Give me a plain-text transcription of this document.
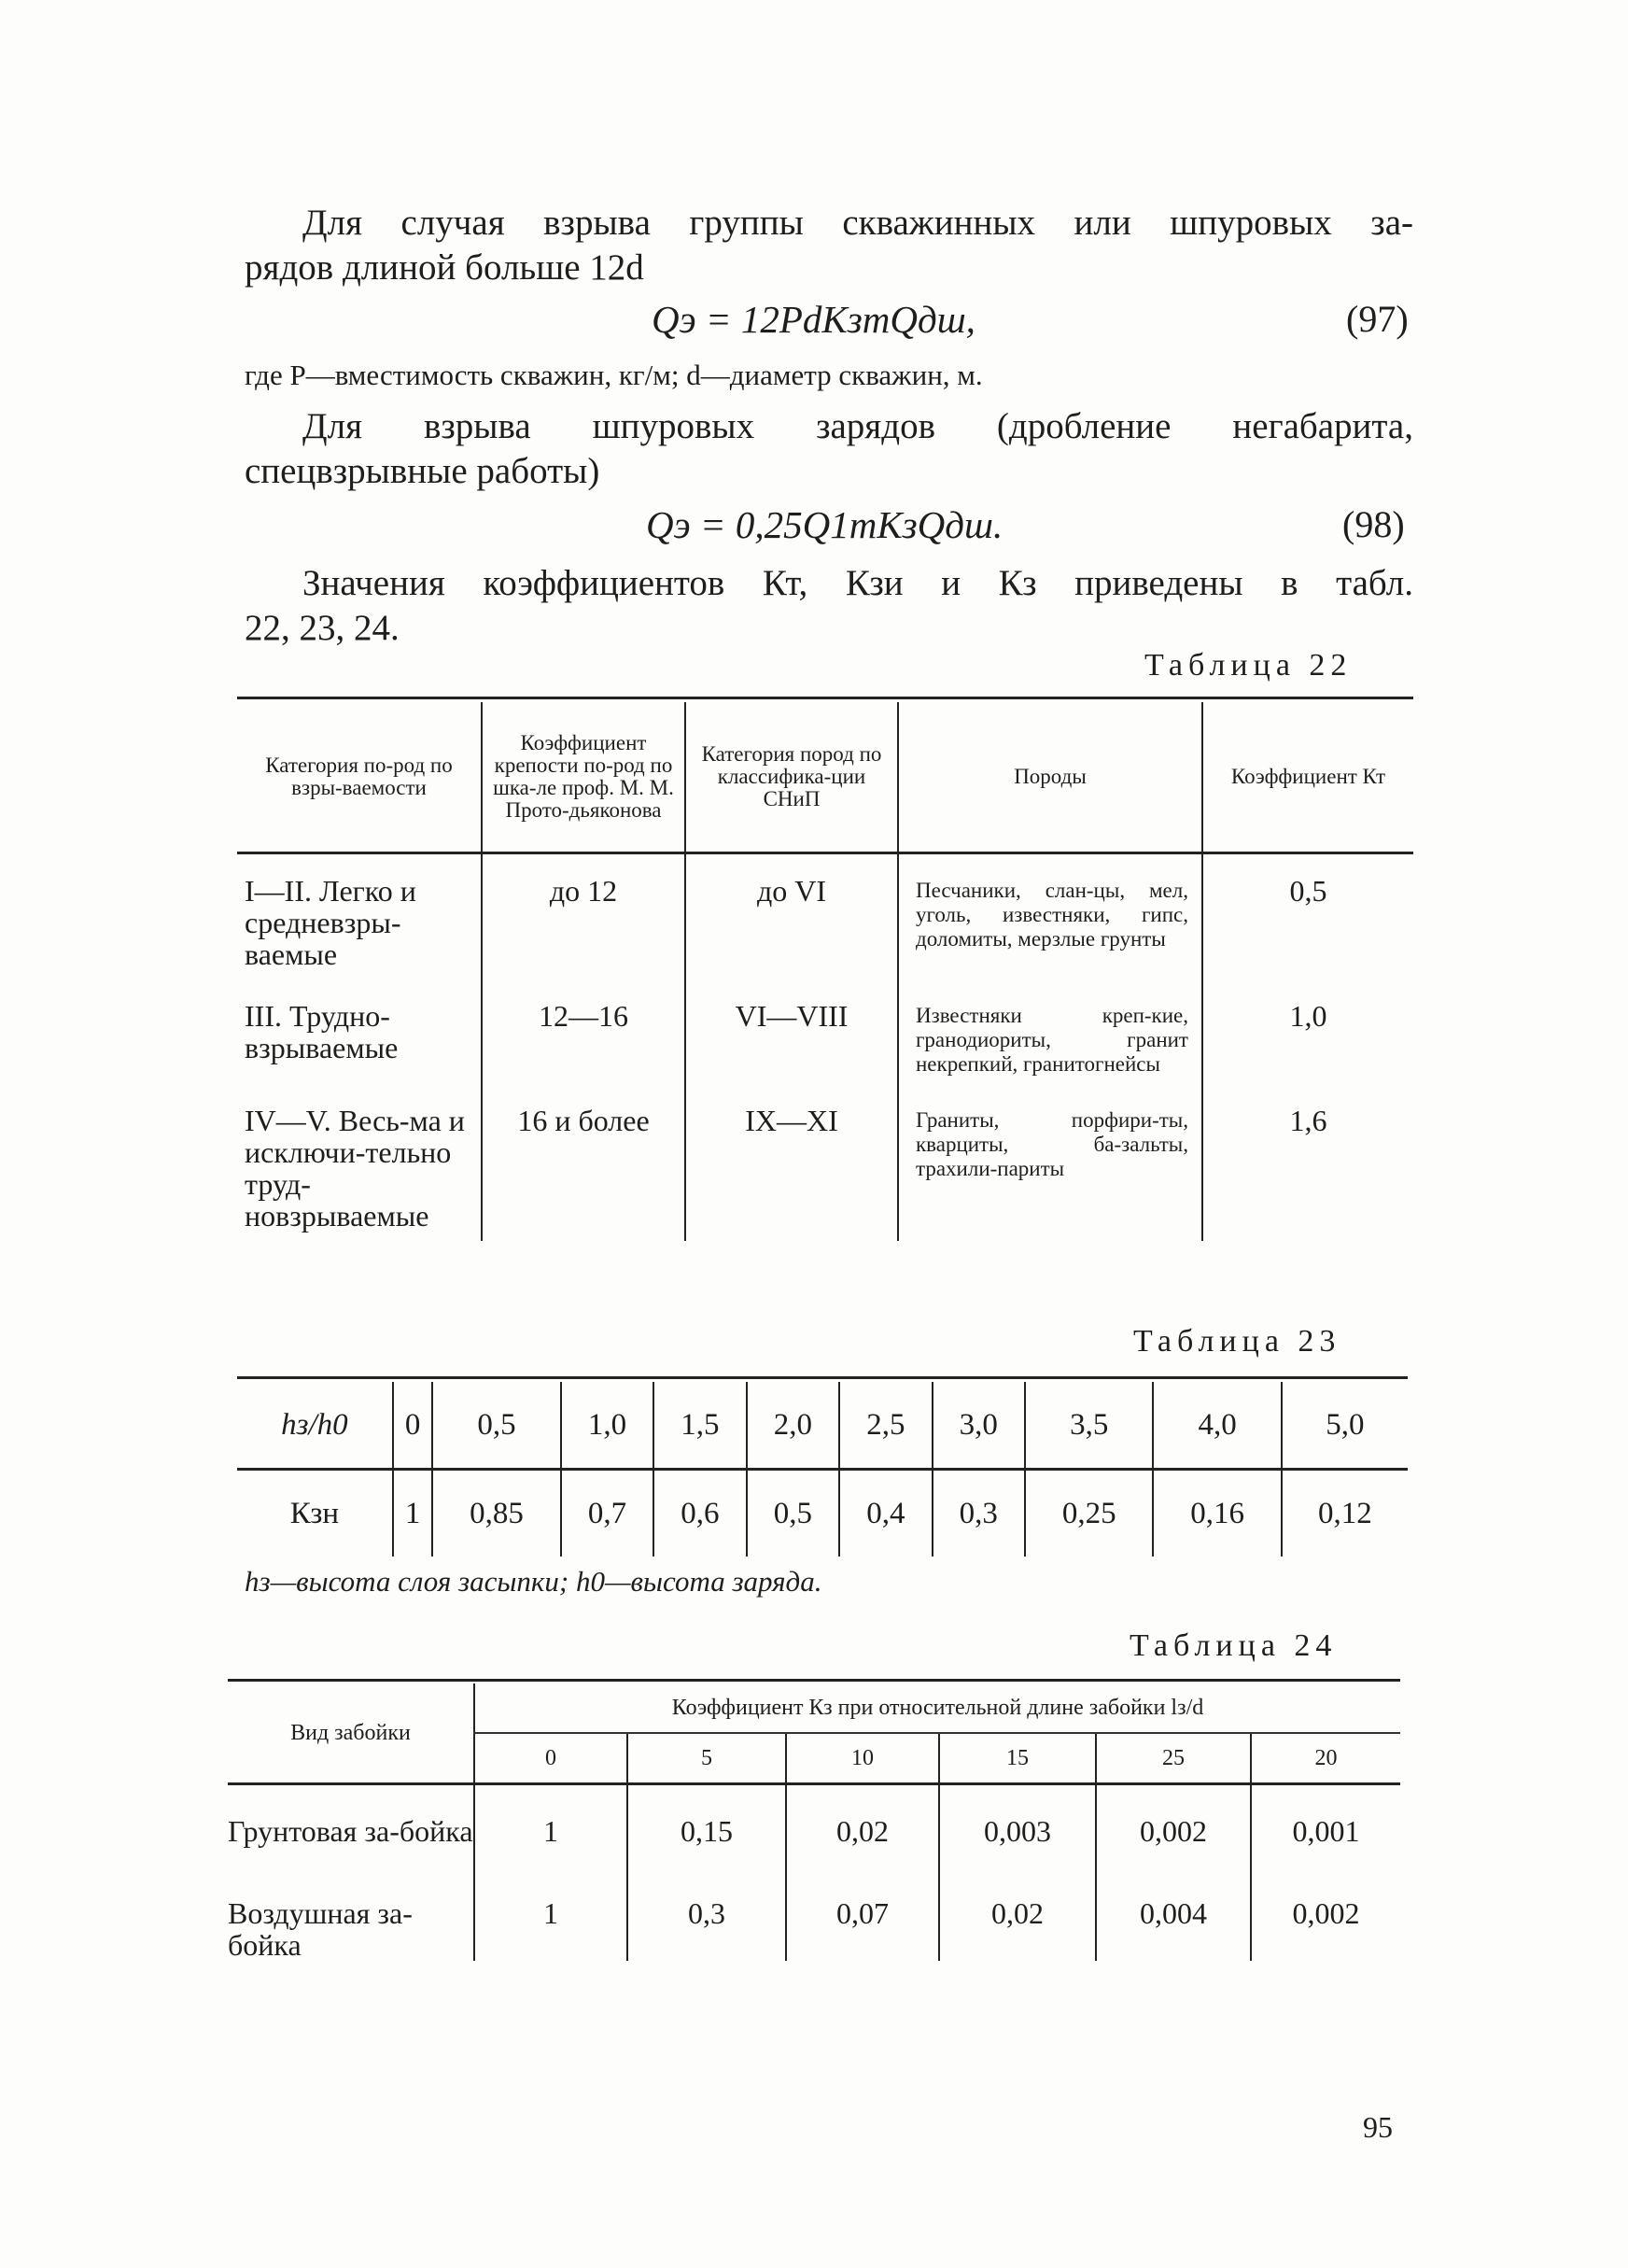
Для случая взрыва группы скважинных или шпуровых за-
рядов длиной больше 12d
Qэ = 12PdKзmQдш,	(97)
где P—вместимость скважин, кг/м; d—диаметр скважин, м.
Для взрыва шпуровых зарядов (дробление негабарита,
спецвзрывные работы)
Qэ = 0,25Q1mKзQдш.	(98)
Значения коэффициентов Кт, Кзи и Кз приведены в табл.
22, 23, 24.
Таблица 22
Категория по-род по взры-ваемости	Коэффициент крепости по-род по шка-ле проф. М. М. Прото-дьяконова	Категория пород по классифика-ции СНиП	Породы	Коэффициент Кт
I—II. Легко и средневзры-ваемые	до 12	до VI	Песчаники, слан-цы, мел, уголь, известняки, гипс, доломиты, мерзлые грунты	0,5
III. Трудно-взрываемые	12—16	VI—VIII	Известняки креп-кие, гранодиориты, гранит некрепкий, гранитогнейсы	1,0
IV—V. Весь-ма и исключи-тельно труд-новзрываемые	16 и более	IX—XI	Граниты, порфири-ты, кварциты, ба-зальты, трахили-париты	1,6
Таблица 23
hз/h0	0	0,5	1,0	1,5	2,0	2,5	3,0	3,5	4,0	5,0
Кзн	1	0,85	0,7	0,6	0,5	0,4	0,3	0,25	0,16	0,12
hз—высота слоя засыпки; h0—высота заряда.
Таблица 24
Вид забойки	Коэффициент Кз при относительной длине забойки lз/d					
	0	5	10	15	25	20
Грунтовая за-бойка	1	0,15	0,02	0,003	0,002	0,001
Воздушная за-бойка	1	0,3	0,07	0,02	0,004	0,002
95
